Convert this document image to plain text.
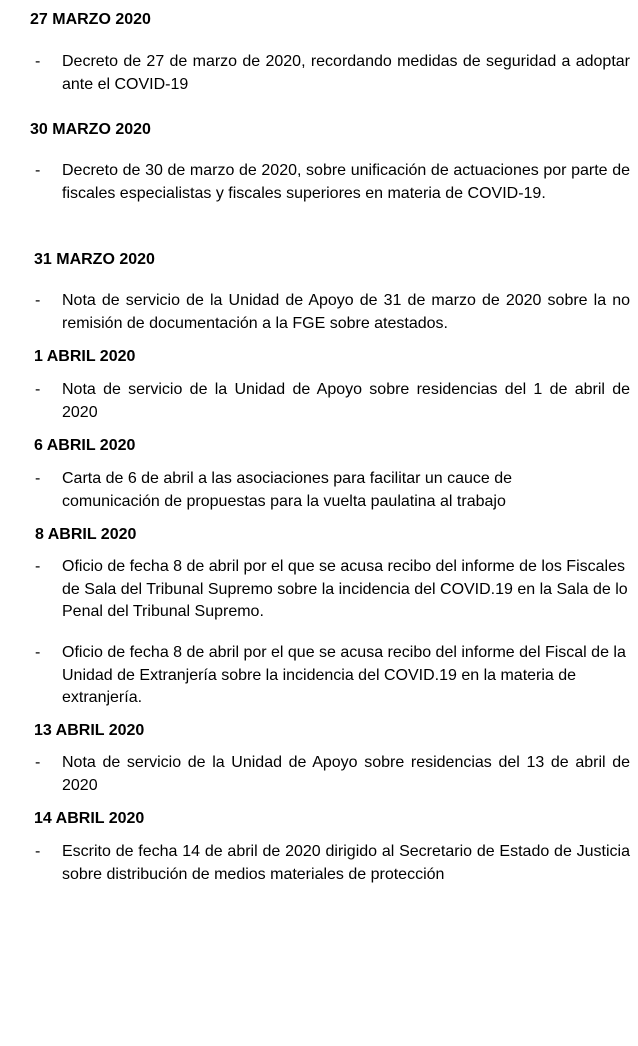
27 MARZO 2020
- Decreto de 27 de marzo de 2020, recordando medidas de seguridad a adoptar ante el COVID-19
30 MARZO 2020
- Decreto de 30 de marzo de 2020, sobre unificación de actuaciones por parte de fiscales especialistas y fiscales superiores en materia de COVID-19.
31 MARZO 2020
- Nota de servicio de la Unidad de Apoyo de 31 de marzo de 2020 sobre la no remisión de documentación a la FGE sobre atestados.
1 ABRIL 2020
- Nota de servicio de la Unidad de Apoyo sobre residencias del 1 de abril de 2020
6 ABRIL 2020
- Carta de 6 de abril a las asociaciones para facilitar un cauce de comunicación de propuestas para la vuelta paulatina al trabajo
8 ABRIL 2020
- Oficio de fecha 8 de abril por el que se acusa recibo del informe de los Fiscales de Sala del Tribunal Supremo sobre la incidencia del COVID.19 en la Sala de lo Penal del Tribunal Supremo.
- Oficio de fecha 8 de abril por el que se acusa recibo del informe del Fiscal de la Unidad de Extranjería sobre la incidencia del COVID.19 en la materia de extranjería.
13 ABRIL 2020
- Nota de servicio de la Unidad de Apoyo sobre residencias del 13 de abril de 2020
14 ABRIL 2020
- Escrito de fecha 14 de abril de 2020 dirigido al Secretario de Estado de Justicia sobre distribución de medios materiales de protección
